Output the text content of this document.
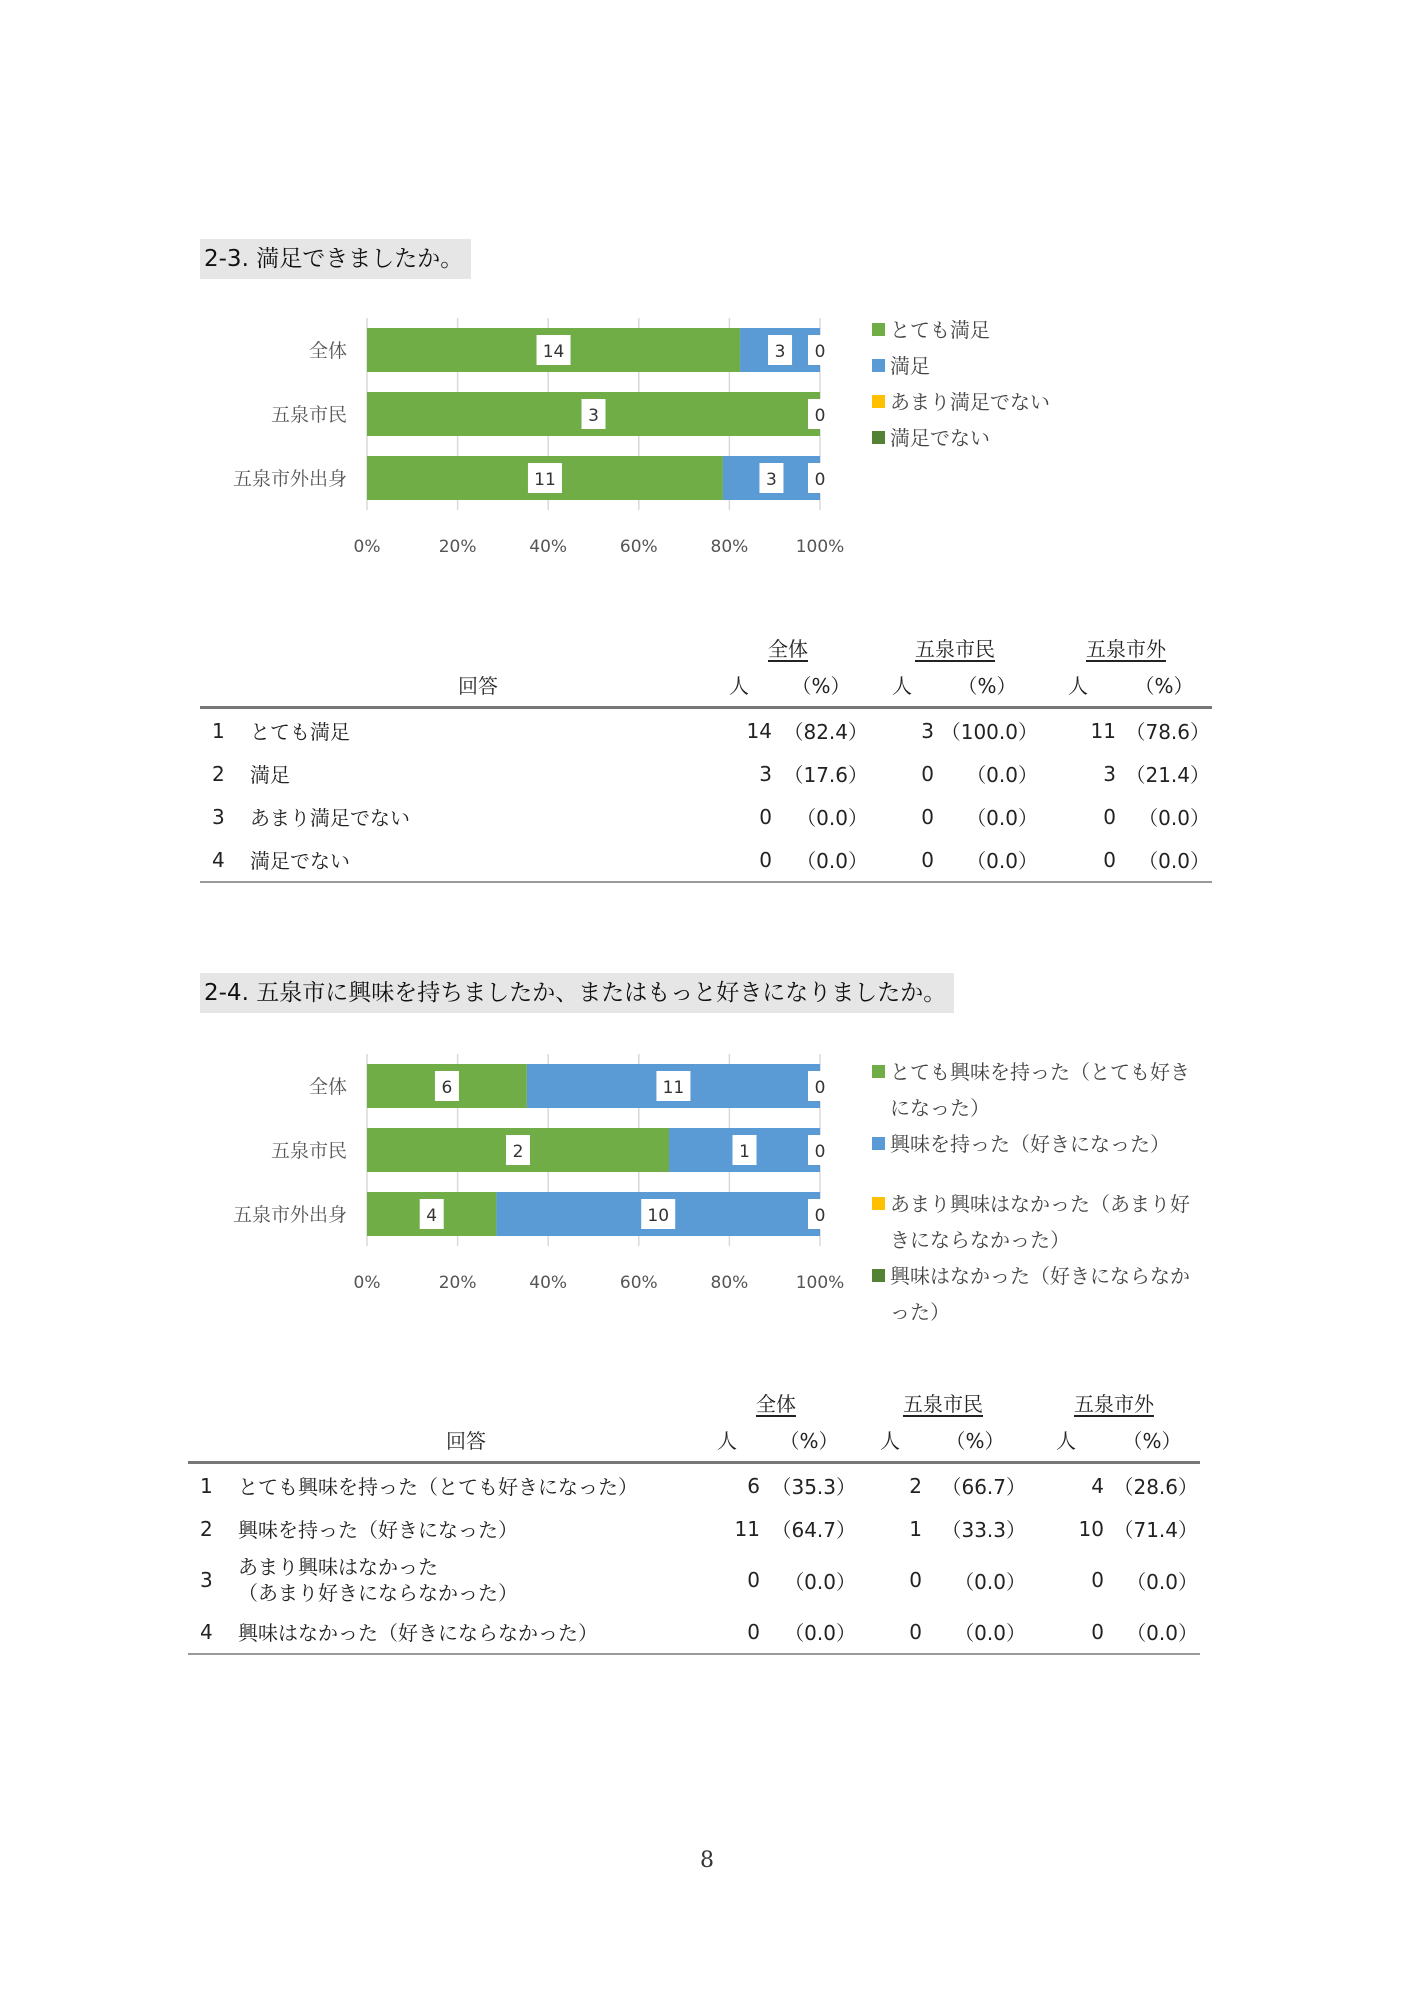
2-3. 満足できましたか。
0%	20%	40%	60%	80%	100%
全体	14	3 0
五泉市民	3	0
五泉市外出身	11	3 0
とても満足
満足
あまり満足でない
満足でない
		全体		五泉市民		五泉市外	
	回答	人	（%）	人	（%）	人	（%）
1	とても満足	14	（82.4）	3	（100.0）	11	（78.6）
2	満足	3	（17.6）	0	（0.0）	3	（21.4）
3	あまり満足でない	0	（0.0）	0	（0.0）	0	（0.0）
4	満足でない	0	（0.0）	0	（0.0）	0	（0.0）
2-4. 五泉市に興味を持ちましたか、またはもっと好きになりましたか。
0%	20%	40%	60%	80%	100%
全体	6	11	0
五泉市民	2	1	0
五泉市外出身	4	10	0
とても興味を持った（とても好きになった）
興味を持った（好きになった）
あまり興味はなかった（あまり好きにならなかった）
興味はなかった（好きにならなかった）
		全体		五泉市民		五泉市外	
	回答	人	（%）	人	（%）	人	（%）
1	とても興味を持った（とても好きになった）	6	（35.3）	2	（66.7）	4	（28.6）
2	興味を持った（好きになった）	11	（64.7）	1	（33.3）	10	（71.4）
3	あまり興味はなかった
（あまり好きにならなかった）	0	（0.0）	0	（0.0）	0	（0.0）
4	興味はなかった（好きにならなかった）	0	（0.0）	0	（0.0）	0	（0.0）
8
